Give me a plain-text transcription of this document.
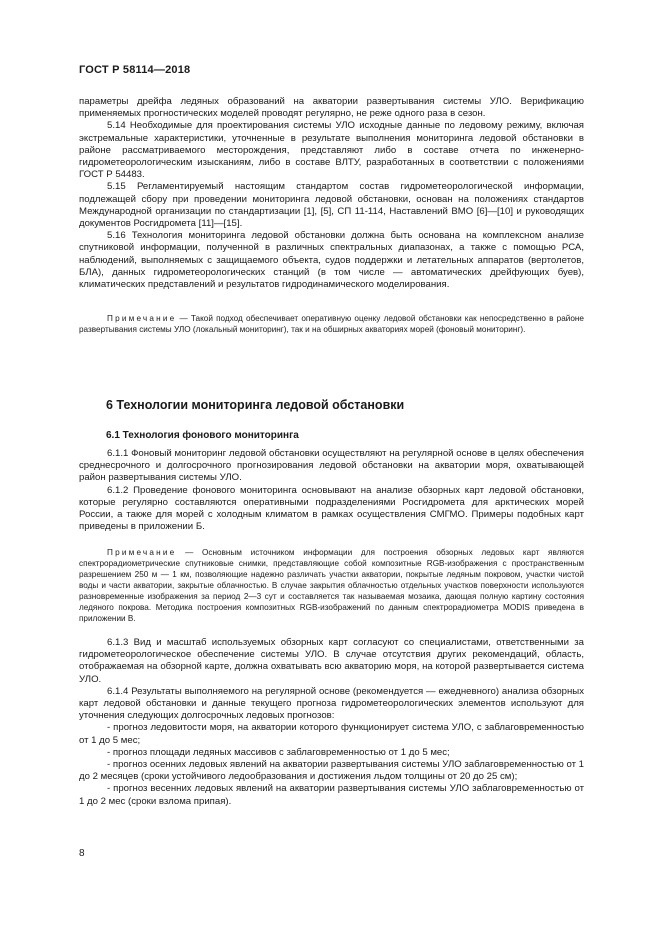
ГОСТ Р 58114—2018

параметры дрейфа ледяных образований на акватории развертывания системы УЛО. Верификацию применяемых прогностических моделей проводят регулярно, не реже одного раза в сезон.

5.14 Необходимые для проектирования системы УЛО исходные данные по ледовому режиму, включая экстремальные характеристики, уточненные в результате выполнения мониторинга ледовой обстановки в районе рассматриваемого месторождения, представляют либо в составе отчета по инженерно-гидрометеорологическим изысканиям, либо в составе ВЛТУ, разработанных в соответствии с положениями ГОСТ Р 54483.

5.15 Регламентируемый настоящим стандартом состав гидрометеорологической информации, подлежащей сбору при проведении мониторинга ледовой обстановки, основан на положениях стандартов Международной организации по стандартизации [1], [5], СП 11-114, Наставлений ВМО [6]—[10] и руководящих документов Росгидромета [11]—[15].

5.16 Технология мониторинга ледовой обстановки должна быть основана на комплексном анализе спутниковой информации, полученной в различных спектральных диапазонах, а также с помощью РСА, наблюдений, выполняемых с защищаемого объекта, судов поддержки и летательных аппаратов (вертолетов, БЛА), данных гидрометеорологических станций (в том числе — автоматических дрейфующих буев), климатических представлений и результатов гидродинамического моделирования.

Примечание — Такой подход обеспечивает оперативную оценку ледовой обстановки как непосредственно в районе развертывания системы УЛО (локальный мониторинг), так и на обширных акваториях морей (фоновый мониторинг).

6 Технологии мониторинга ледовой обстановки
6.1 Технология фонового мониторинга

6.1.1 Фоновый мониторинг ледовой обстановки осуществляют на регулярной основе в целях обеспечения среднесрочного и долгосрочного прогнозирования ледовой обстановки на акватории моря, охватывающей район развертывания системы УЛО.

6.1.2 Проведение фонового мониторинга основывают на анализе обзорных карт ледовой обстановки, которые регулярно составляются оперативными подразделениями Росгидромета для арктических морей России, а также для морей с холодным климатом в рамках осуществления СМГМО. Примеры подобных карт приведены в приложении Б.

Примечание — Основным источником информации для построения обзорных ледовых карт являются спектрорадиометрические спутниковые снимки, представляющие собой композитные RGB-изображения с пространственным разрешением 250 м — 1 км, позволяющие надежно различать участки акватории, покрытые ледяным покровом, участки чистой воды и части акватории, закрытые облачностью. В случае закрытия облачностью отдельных участков поверхности используются разновременные изображения за период 2—3 сут и составляется так называемая мозаика, дающая полную картину состояния ледяного покрова. Методика построения композитных RGB-изображений по данным спектрорадиометра MODIS приведена в приложении В.

6.1.3 Вид и масштаб используемых обзорных карт согласуют со специалистами, ответственными за гидрометеорологическое обеспечение системы УЛО. В случае отсутствия других рекомендаций, область, отображаемая на обзорной карте, должна охватывать всю акваторию моря, на которой развертывается система УЛО.

6.1.4 Результаты выполняемого на регулярной основе (рекомендуется — ежедневного) анализа обзорных карт ледовой обстановки и данные текущего прогноза гидрометеорологических элементов используют для уточнения следующих долгосрочных ледовых прогнозов:

- прогноз ледовитости моря, на акватории которого функционирует система УЛО, с заблаговременностью от 1 до 5 мес;

- прогноз площади ледяных массивов с заблаговременностью от 1 до 5 мес;

- прогноз осенних ледовых явлений на акватории развертывания системы УЛО заблаговременностью от 1 до 2 месяцев (сроки устойчивого ледообразования и достижения льдом толщины от 20 до 25 см);

- прогноз весенних ледовых явлений на акватории развертывания системы УЛО заблаговременностью от 1 до 2 мес (сроки взлома припая).

8
